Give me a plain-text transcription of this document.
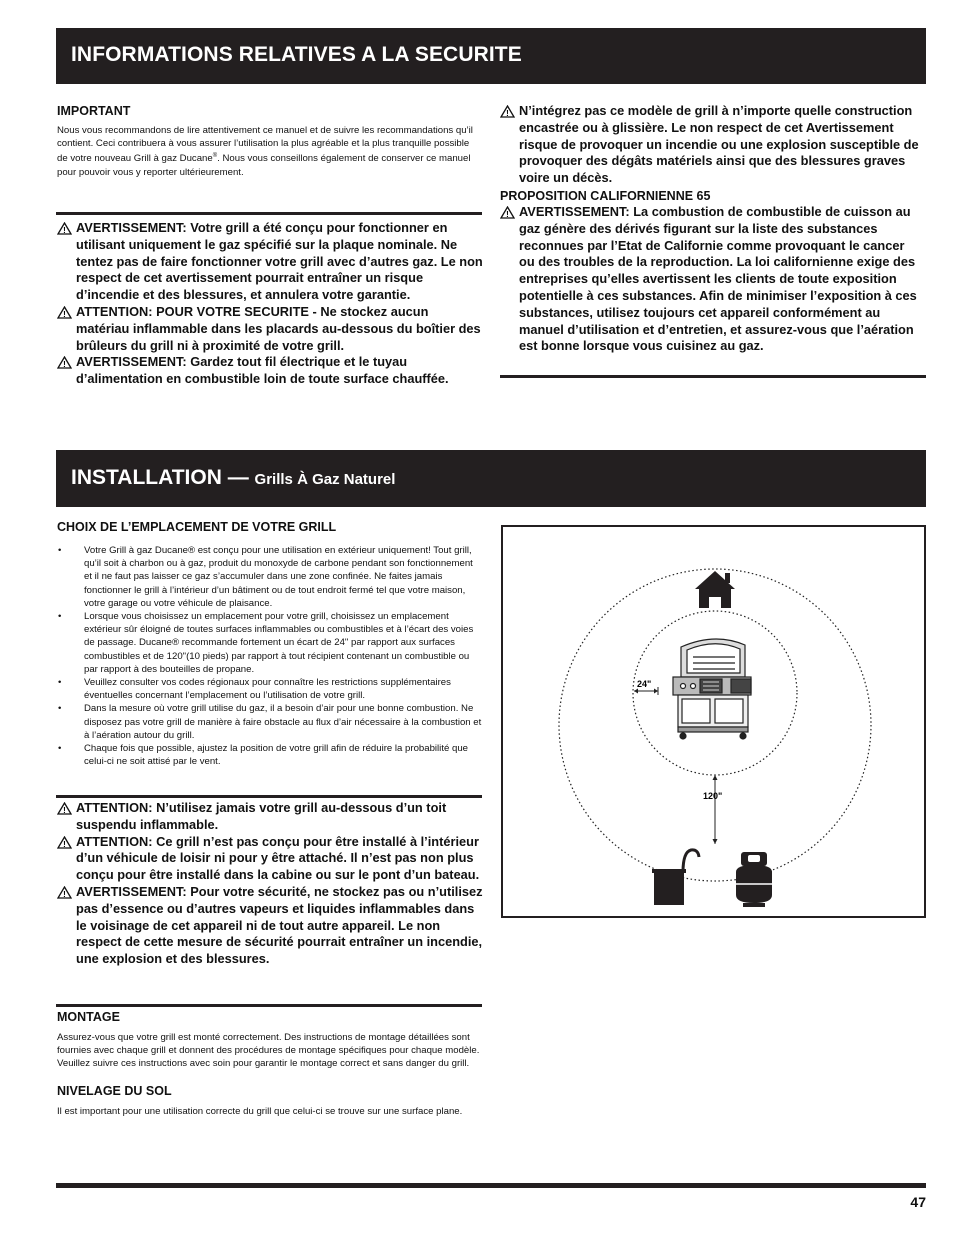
INFORMATIONS RELATIVES A LA SECURITE
IMPORTANT

Nous vous recommandons de lire attentivement ce manuel et de suivre les recommandations qu’il contient. Ceci contribuera à vous assurer l’utilisation la plus agréable et la plus tranquille possible de votre nouveau Grill à gaz Ducane®. Nous vous conseillons également de conserver ce manuel pour pouvoir vous y reporter ultérieurement.

! AVERTISSEMENT: Votre grill a été conçu pour fonctionner en utilisant uniquement le gaz spécifié sur la plaque nominale. Ne tentez pas de faire fonctionner votre grill avec d’autres gaz. Le non respect de cet avertissement pourrait entraîner un risque d’incendie et des blessures, et annulera votre garantie.
! ATTENTION: POUR VOTRE SECURITE - Ne stockez aucun matériau inflammable dans les placards au-dessous du boîtier des brûleurs du grill ni à proximité de votre grill.
! AVERTISSEMENT: Gardez tout fil électrique et le tuyau d’alimentation en combustible loin de toute surface chauffée.
! N’intégrez pas ce modèle de grill à n’importe quelle construction encastrée ou à glissière. Le non respect de cet Avertissement risque de provoquer un incendie ou une explosion susceptible de provoquer des dégâts matériels ainsi que des blessures graves voire un décès.
PROPOSITION CALIFORNIENNE 65
! AVERTISSEMENT: La combustion de combustible de cuisson au gaz génère des dérivés figurant sur la liste des substances reconnues par l’Etat de Californie comme provoquant le cancer ou des troubles de la reproduction. La loi californienne exige des entreprises qu’elles avertissent les clients de toute exposition potentielle à ces substances. Afin de minimiser l’exposition à ces substances, utilisez toujours cet appareil conformément au manuel d’utilisation et d’entretien, et assurez-vous que l’aération est bonne lorsque vous cuisinez au gaz.
INSTALLATION — Grills À Gaz Naturel
CHOIX DE L’EMPLACEMENT DE VOTRE GRILL
• Votre Grill à gaz Ducane® est conçu pour une utilisation en extérieur uniquement! Tout grill, qu’il soit à charbon ou à gaz, produit du monoxyde de carbone pendant son fonctionnement et il ne faut pas laisser ce gaz s’accumuler dans une zone confinée. Ne faites jamais fonctionner le grill à l’intérieur d’un bâtiment ou de tout endroit fermé tel que votre maison, votre garage ou votre véhicule de plaisance.
• Lorsque vous choisissez un emplacement pour votre grill, choisissez un emplacement extérieur sûr éloigné de toutes surfaces inflammables ou combustibles et à l’écart des voies de passage. Ducane® recommande fortement un écart de 24" par rapport aux surfaces combustibles et de 120"(10 pieds) par rapport à tout récipient contenant un combustible ou par rapport à des bouteilles de propane.
• Veuillez consulter vos codes régionaux pour connaître les restrictions supplémentaires éventuelles concernant l’emplacement ou l’utilisation de votre grill.
• Dans la mesure où votre grill utilise du gaz, il a besoin d’air pour une bonne combustion. Ne disposez pas votre grill de manière à faire obstacle au flux d’air nécessaire à la combustion et à l’aération autour du grill.
• Chaque fois que possible, ajustez la position de votre grill afin de réduire la probabilité que celui-ci ne soit attisé par le vent.
! ATTENTION: N’utilisez jamais votre grill au-dessous d’un toit suspendu inflammable.
! ATTENTION: Ce grill n’est pas conçu pour être installé à l’intérieur d’un véhicule de loisir ni pour y être attaché. Il n’est pas non plus conçu pour être installé dans la cabine ou sur le pont d’un bateau.
! AVERTISSEMENT: Pour votre sécurité, ne stockez pas ou n’utilisez pas d’essence ou d’autres vapeurs et liquides inflammables dans le voisinage de cet appareil ni de tout autre appareil. Le non respect de cette mesure de sécurité pourrait entraîner un incendie, une explosion et des blessures.
MONTAGE

Assurez-vous que votre grill est monté correctement. Des instructions de montage détaillées sont fournies avec chaque grill et donnent des procédures de montage spécifiques pour chaque modèle. Veuillez suivre ces instructions avec soin pour garantir le montage correct et sans danger du grill.

NIVELAGE DU SOL

Il est important pour une utilisation correcte du grill que celui-ci se trouve sur une surface plane.

24"
120"
47
